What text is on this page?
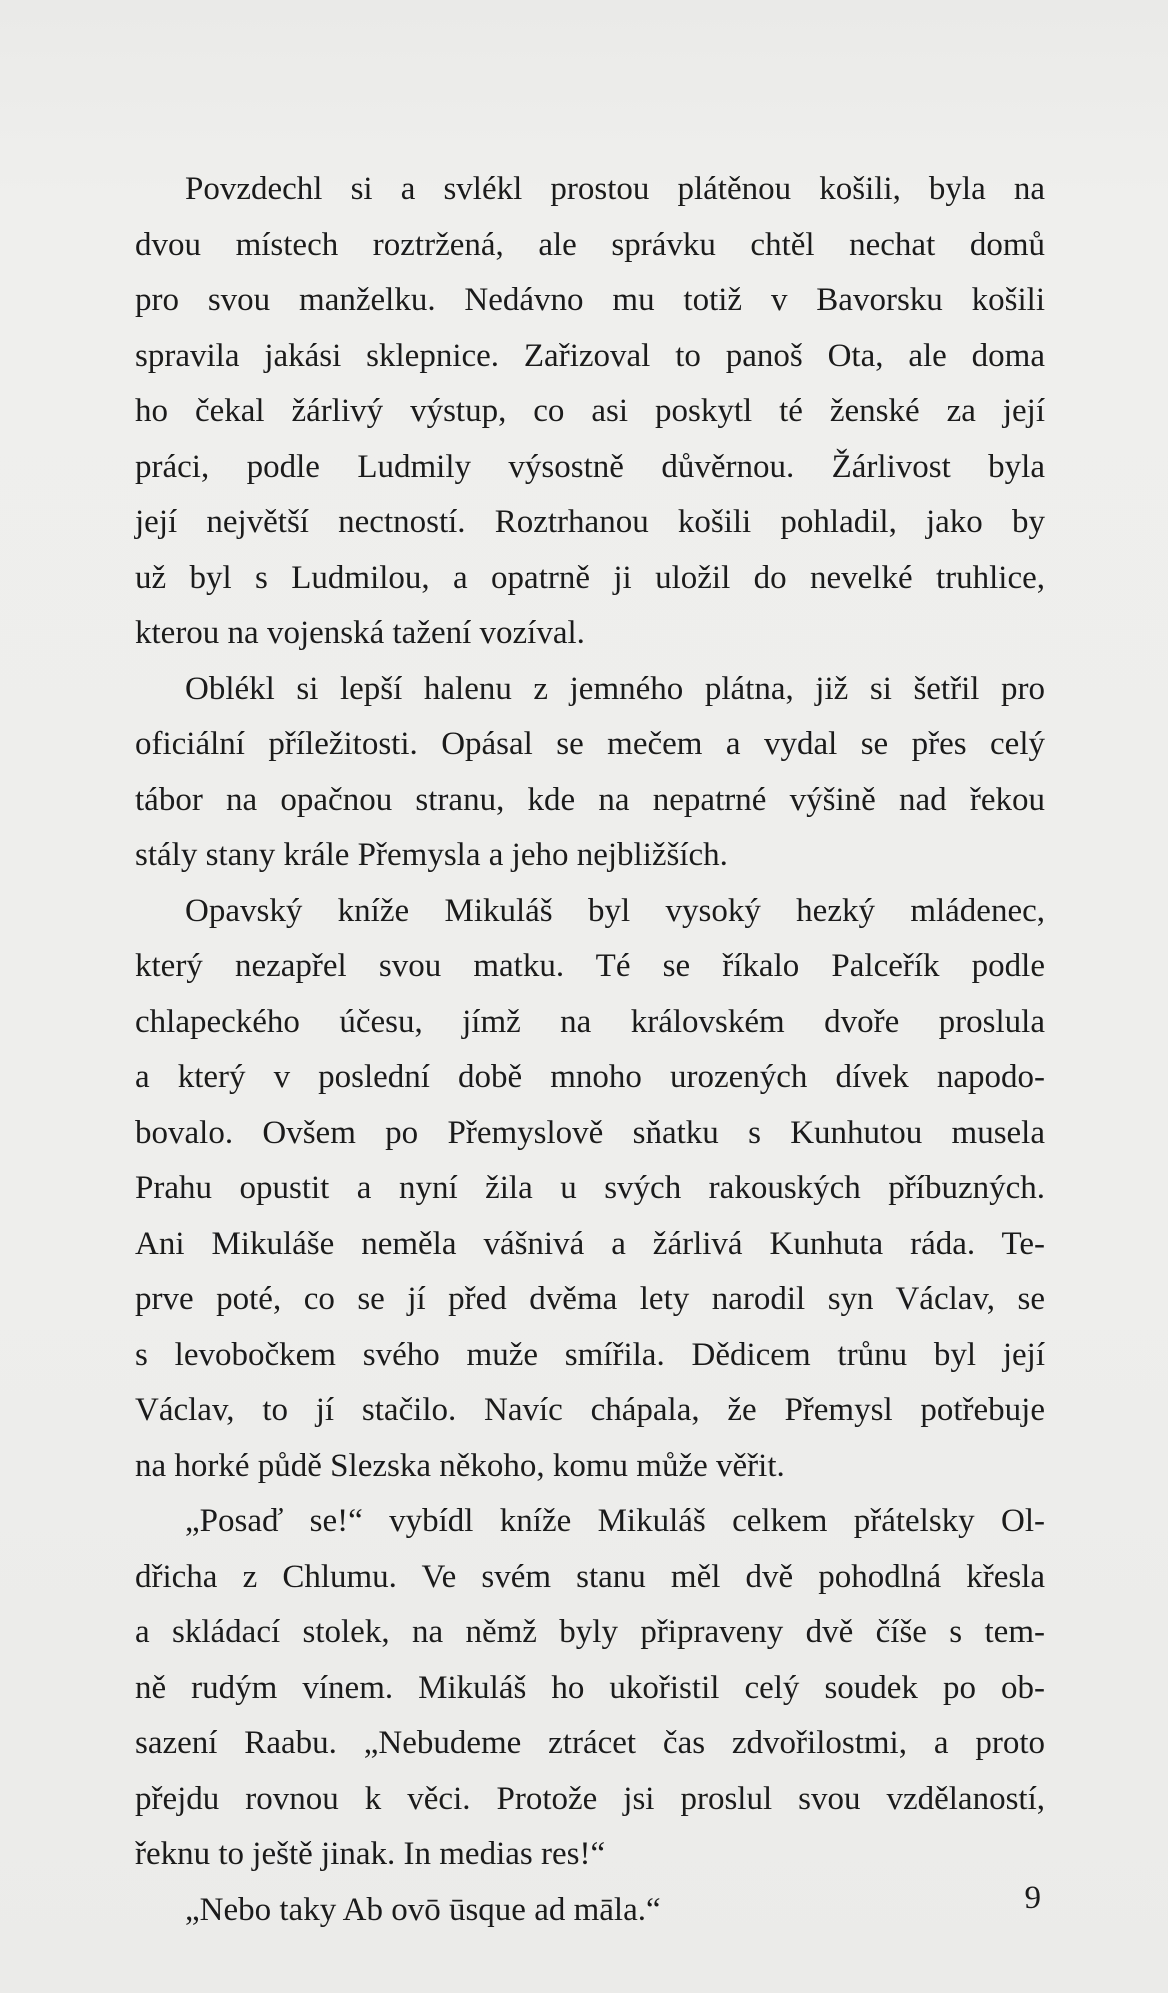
Povzdechl si a svlékl prostou plátěnou košili, byla na
dvou místech roztržená, ale správku chtěl nechat domů
pro svou manželku. Nedávno mu totiž v Bavorsku košili
spravila jakási sklepnice. Zařizoval to panoš Ota, ale doma
ho čekal žárlivý výstup, co asi poskytl té ženské za její
práci, podle Ludmily výsostně důvěrnou. Žárlivost byla
její největší nectností. Roztrhanou košili pohladil, jako by
už byl s Ludmilou, a opatrně ji uložil do nevelké truhlice,
kterou na vojenská tažení vozíval.
Oblékl si lepší halenu z jemného plátna, již si šetřil pro
oficiální příležitosti. Opásal se mečem a vydal se přes celý
tábor na opačnou stranu, kde na nepatrné výšině nad řekou
stály stany krále Přemysla a jeho nejbližších.
Opavský kníže Mikuláš byl vysoký hezký mládenec,
který nezapřel svou matku. Té se říkalo Palceřík podle
chlapeckého účesu, jímž na královském dvoře proslula
a který v poslední době mnoho urozených dívek napodo-
bovalo. Ovšem po Přemyslově sňatku s Kunhutou musela
Prahu opustit a nyní žila u svých rakouských příbuzných.
Ani Mikuláše neměla vášnivá a žárlivá Kunhuta ráda. Te-
prve poté, co se jí před dvěma lety narodil syn Václav, se
s levobočkem svého muže smířila. Dědicem trůnu byl její
Václav, to jí stačilo. Navíc chápala, že Přemysl potřebuje
na horké půdě Slezska někoho, komu může věřit.
„Posaď se!“ vybídl kníže Mikuláš celkem přátelsky Ol-
dřicha z Chlumu. Ve svém stanu měl dvě pohodlná křesla
a skládací stolek, na němž byly připraveny dvě číše s tem-
ně rudým vínem. Mikuláš ho ukořistil celý soudek po ob-
sazení Raabu. „Nebudeme ztrácet čas zdvořilostmi, a proto
přejdu rovnou k věci. Protože jsi proslul svou vzdělaností,
řeknu to ještě jinak. In medias res!“
„Nebo taky Ab ovō ūsque ad māla.“	9
